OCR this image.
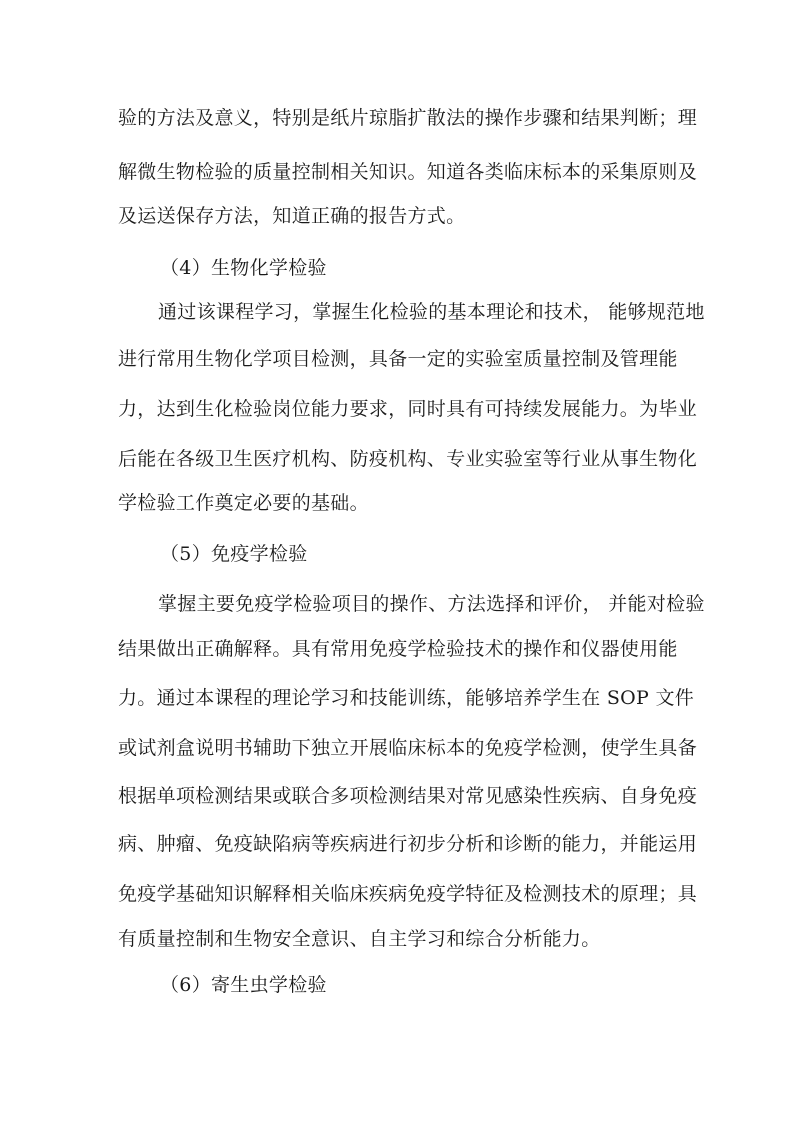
验的方法及意义，特别是纸片琼脂扩散法的操作步骤和结果判断；理
解微生物检验的质量控制相关知识。知道各类临床标本的采集原则及
及运送保存方法，知道正确的报告方式。
（4）生物化学检验
通过该课程学习，掌握生化检验的基本理论和技术， 能够规范地
进行常用生物化学项目检测，具备一定的实验室质量控制及管理能
力，达到生化检验岗位能力要求，同时具有可持续发展能力。为毕业
后能在各级卫生医疗机构、防疫机构、专业实验室等行业从事生物化
学检验工作奠定必要的基础。
（5）免疫学检验
掌握主要免疫学检验项目的操作、方法选择和评价， 并能对检验
结果做出正确解释。具有常用免疫学检验技术的操作和仪器使用能
力。通过本课程的理论学习和技能训练，能够培养学生在 SOP 文件
或试剂盒说明书辅助下独立开展临床标本的免疫学检测，使学生具备
根据单项检测结果或联合多项检测结果对常见感染性疾病、自身免疫
病、肿瘤、免疫缺陷病等疾病进行初步分析和诊断的能力，并能运用
免疫学基础知识解释相关临床疾病免疫学特征及检测技术的原理；具
有质量控制和生物安全意识、自主学习和综合分析能力。
（6）寄生虫学检验
